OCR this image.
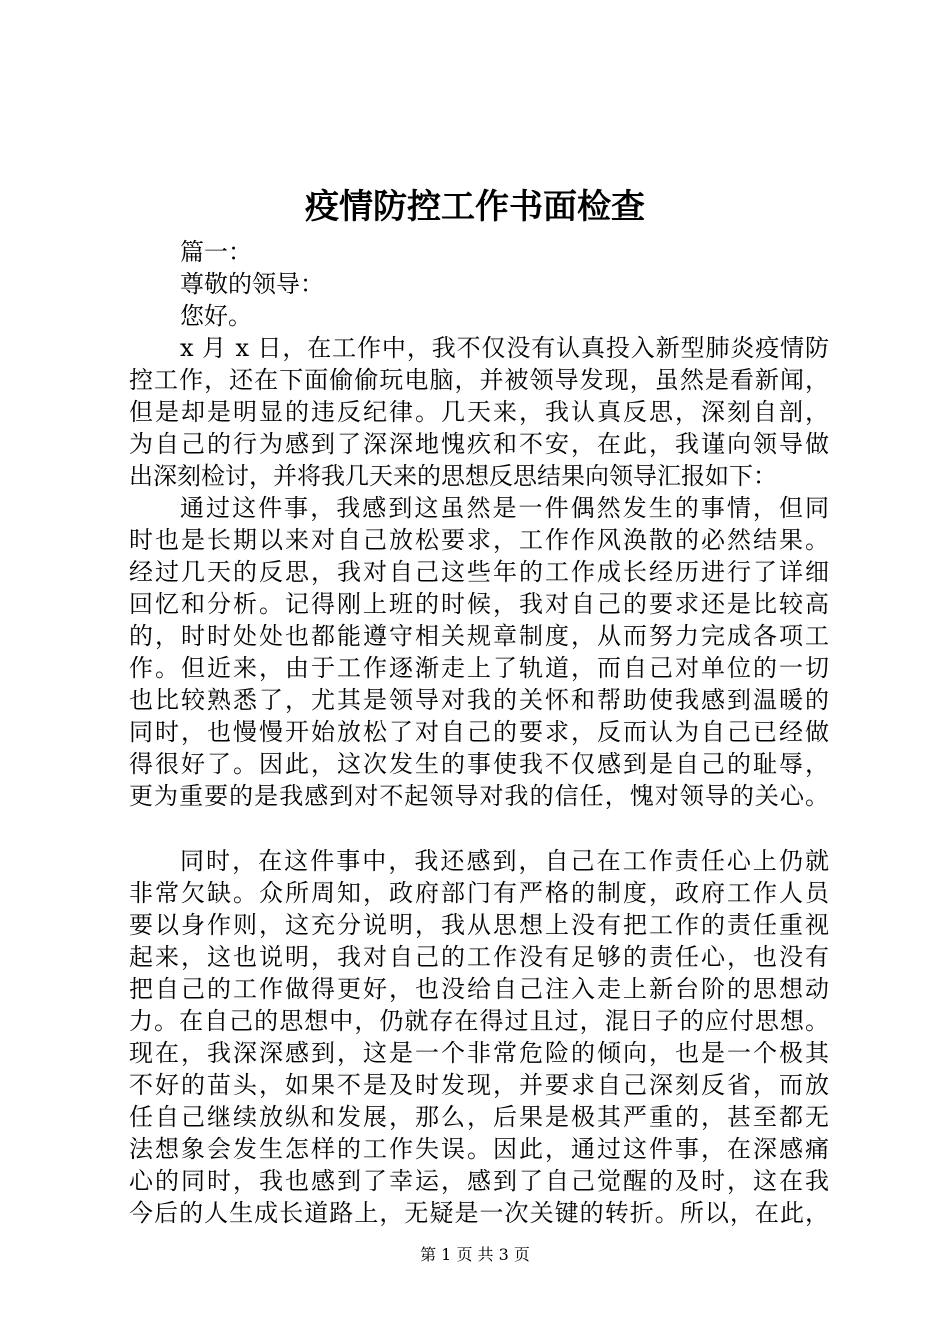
疫情防控工作书面检查
篇一：
尊敬的领导：
您好。
x 月 x 日，在工作中，我不仅没有认真投入新型肺炎疫情防
控工作，还在下面偷偷玩电脑，并被领导发现，虽然是看新闻，
但是却是明显的违反纪律。几天来，我认真反思，深刻自剖，
为自己的行为感到了深深地愧疚和不安，在此，我谨向领导做
出深刻检讨，并将我几天来的思想反思结果向领导汇报如下：
通过这件事，我感到这虽然是一件偶然发生的事情，但同
时也是长期以来对自己放松要求，工作作风涣散的必然结果。
经过几天的反思，我对自己这些年的工作成长经历进行了详细
回忆和分析。记得刚上班的时候，我对自己的要求还是比较高
的，时时处处也都能遵守相关规章制度，从而努力完成各项工
作。但近来，由于工作逐渐走上了轨道，而自己对单位的一切
也比较熟悉了，尤其是领导对我的关怀和帮助使我感到温暖的
同时，也慢慢开始放松了对自己的要求，反而认为自己已经做
得很好了。因此，这次发生的事使我不仅感到是自己的耻辱，
更为重要的是我感到对不起领导对我的信任，愧对领导的关心。
同时，在这件事中，我还感到，自己在工作责任心上仍就
非常欠缺。众所周知，政府部门有严格的制度，政府工作人员
要以身作则，这充分说明，我从思想上没有把工作的责任重视
起来，这也说明，我对自己的工作没有足够的责任心，也没有
把自己的工作做得更好，也没给自己注入走上新台阶的思想动
力。在自己的思想中，仍就存在得过且过，混日子的应付思想。
现在，我深深感到，这是一个非常危险的倾向，也是一个极其
不好的苗头，如果不是及时发现，并要求自己深刻反省，而放
任自己继续放纵和发展，那么，后果是极其严重的，甚至都无
法想象会发生怎样的工作失误。因此，通过这件事，在深感痛
心的同时，我也感到了幸运，感到了自己觉醒的及时，这在我
今后的人生成长道路上，无疑是一次关键的转折。所以，在此，
第 1 页 共 3 页
